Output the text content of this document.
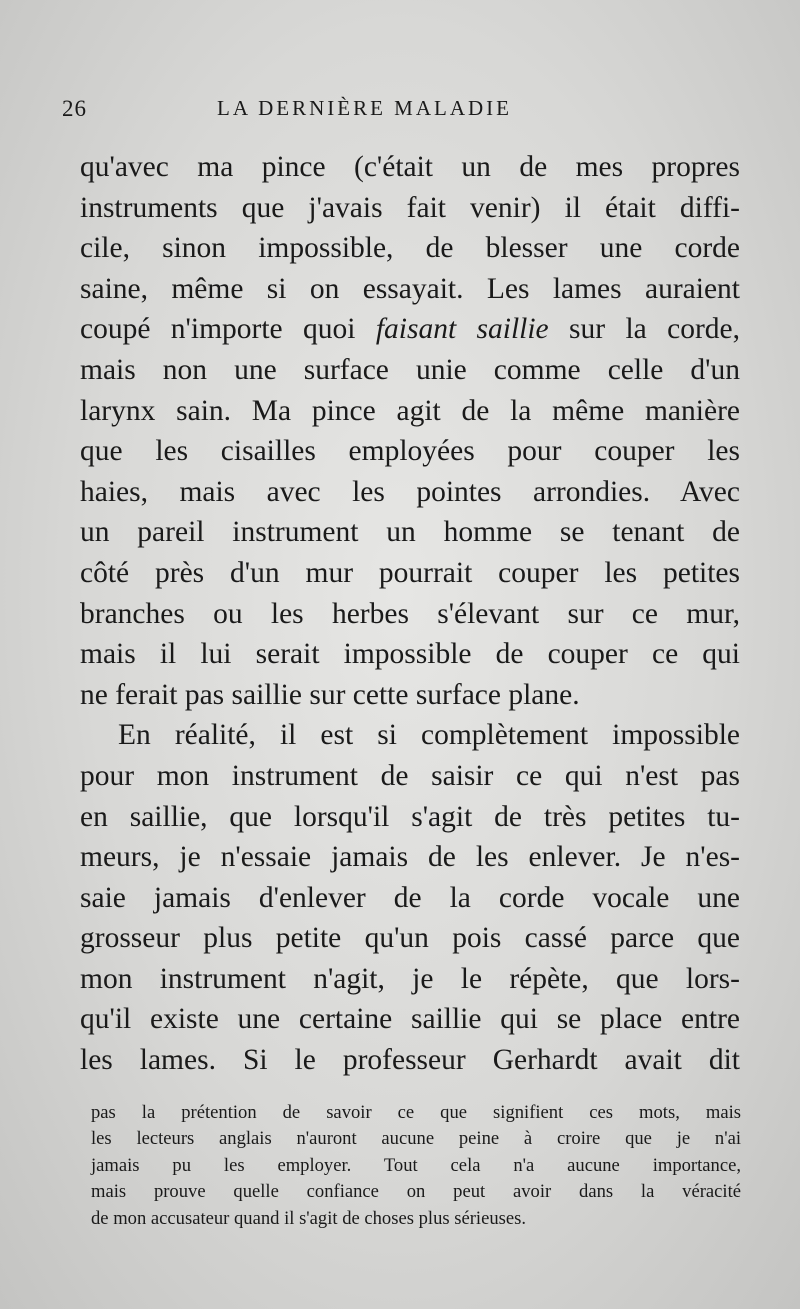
26	LA DERNIÈRE MALADIE
qu'avec ma pince (c'était un de mes propres
instruments que j'avais fait venir) il était diffi-
cile, sinon impossible, de blesser une corde
saine, même si on essayait. Les lames auraient
coupé n'importe quoi faisant saillie sur la corde,
mais non une surface unie comme celle d'un
larynx sain. Ma pince agit de la même manière
que les cisailles employées pour couper les
haies, mais avec les pointes arrondies. Avec
un pareil instrument un homme se tenant de
côté près d'un mur pourrait couper les petites
branches ou les herbes s'élevant sur ce mur,
mais il lui serait impossible de couper ce qui
ne ferait pas saillie sur cette surface plane.
En réalité, il est si complètement impossible
pour mon instrument de saisir ce qui n'est pas
en saillie, que lorsqu'il s'agit de très petites tu-
meurs, je n'essaie jamais de les enlever. Je n'es-
saie jamais d'enlever de la corde vocale une
grosseur plus petite qu'un pois cassé parce que
mon instrument n'agit, je le répète, que lors-
qu'il existe une certaine saillie qui se place entre
les lames. Si le professeur Gerhardt avait dit
pas la prétention de savoir ce que signifient ces mots, mais
les lecteurs anglais n'auront aucune peine à croire que je n'ai
jamais pu les employer. Tout cela n'a aucune importance,
mais prouve quelle confiance on peut avoir dans la véracité
de mon accusateur quand il s'agit de choses plus sérieuses.
